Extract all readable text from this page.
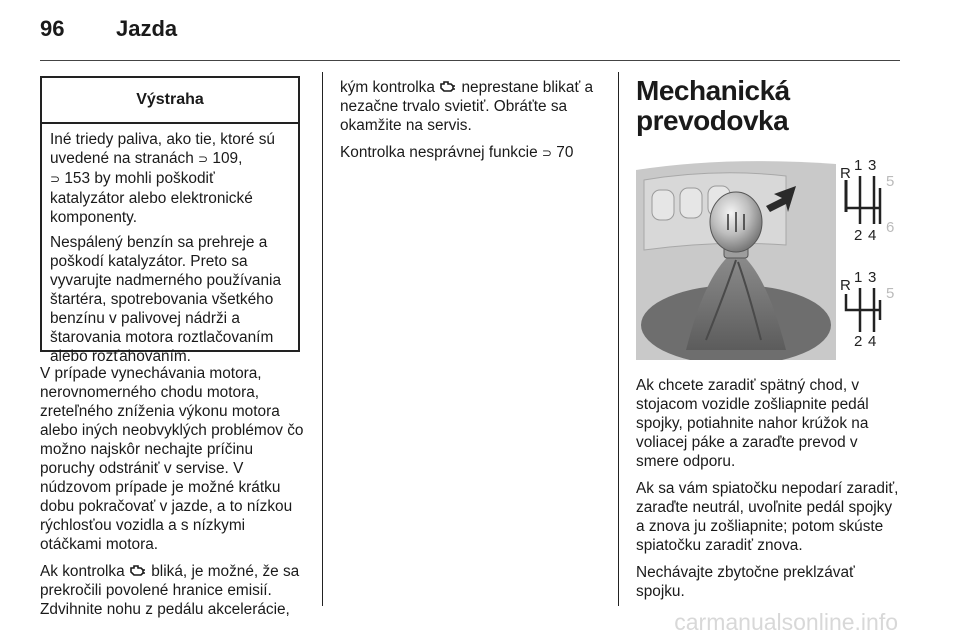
96 Jazda
Výstraha

Iné triedy paliva, ako tie, ktoré sú uvedené na stranách ⊃ 109,
⊃ 153 by mohli poškodiť katalyzátor alebo elektronické komponenty.

Nespálený benzín sa prehreje a poškodí katalyzátor. Preto sa vyvarujte nadmerného používania štartéra, spotrebovania všetkého benzínu v palivovej nádrži a štarovania motora roztlačovaním alebo rozťahovaním.

V prípade vynechávania motora, nerovnomerného chodu motora, zreteľného zníženia výkonu motora alebo iných neobvyklých problémov čo možno najskôr nechajte príčinu poruchy odstrániť v servise. V núdzovom prípade je možné krátku dobu pokračovať v jazde, a to nízkou rýchlosťou vozidla a s nízkymi otáčkami motora.

Ak kontrolka bliká, je možné, že sa prekročili povolené hranice emisií. Zdvihnite nohu z pedálu akcelerácie,

kým kontrolka neprestane blikať a nezačne trvalo svietiť. Obráťte sa okamžite na servis.

Kontrolka nesprávnej funkcie ⊃ 70

Mechanická
prevodovka
R 1 3
5
2 4 6
R 1 3
5
2 4

Ak chcete zaradiť spätný chod, v stojacom vozidle zošliapnite pedál spojky, potiahnite nahor krúžok na voliacej páke a zaraďte prevod v smere odporu.

Ak sa vám spiatočku nepodarí zaradiť, zaraďte neutrál, uvoľnite pedál spojky a znova ju zošliapnite; potom skúste spiatočku zaradiť znova.

Nechávajte zbytočne preklzávať spojku.

carmanualsonline.info
